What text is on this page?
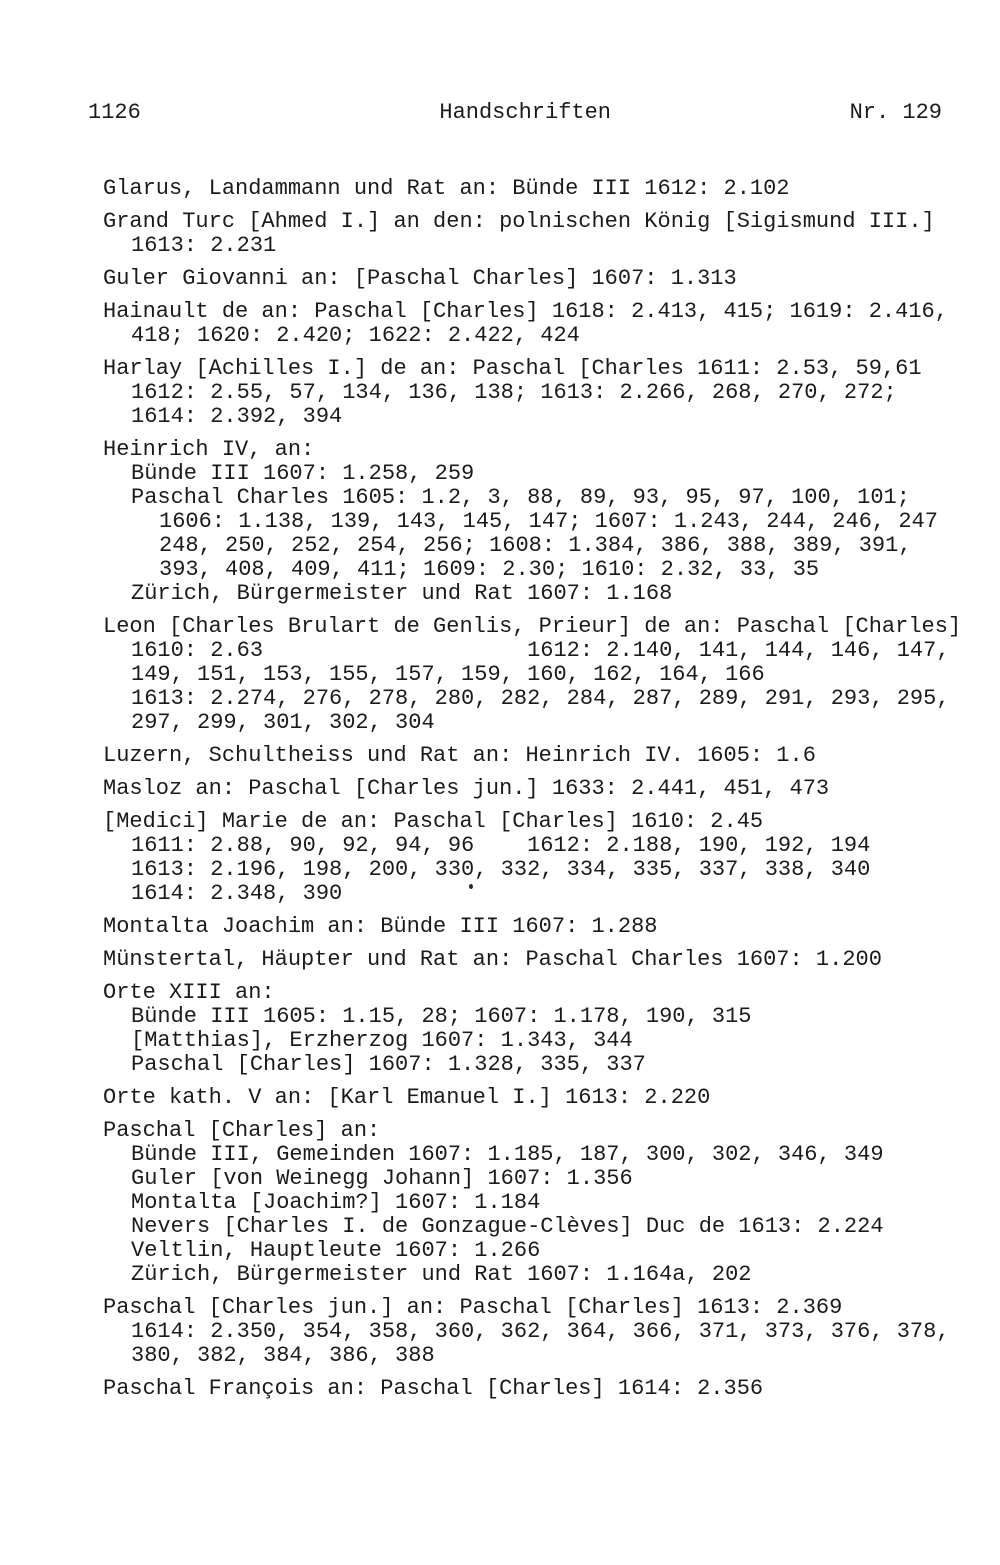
1126	Handschriften	Nr. 129
Glarus, Landammann und Rat an: Bünde III 1612: 2.102
Grand Turc [Ahmed I.] an den: polnischen König [Sigismund III.]
1613: 2.231
Guler Giovanni an: [Paschal Charles] 1607: 1.313
Hainault de an: Paschal [Charles] 1618: 2.413, 415; 1619: 2.416,
418; 1620: 2.420; 1622: 2.422, 424
Harlay [Achilles I.] de an: Paschal [Charles 1611: 2.53, 59,61
1612: 2.55, 57, 134, 136, 138; 1613: 2.266, 268, 270, 272;
1614: 2.392, 394
Heinrich IV, an:
Bünde III 1607: 1.258, 259
Paschal Charles 1605: 1.2, 3, 88, 89, 93, 95, 97, 100, 101;
1606: 1.138, 139, 143, 145, 147; 1607: 1.243, 244, 246, 247
248, 250, 252, 254, 256; 1608: 1.384, 386, 388, 389, 391,
393, 408, 409, 411; 1609: 2.30; 1610: 2.32, 33, 35
Zürich, Bürgermeister und Rat 1607: 1.168
Leon [Charles Brulart de Genlis, Prieur] de an: Paschal [Charles]
1610: 2.63                    1612: 2.140, 141, 144, 146, 147,
149, 151, 153, 155, 157, 159, 160, 162, 164, 166
1613: 2.274, 276, 278, 280, 282, 284, 287, 289, 291, 293, 295,
297, 299, 301, 302, 304
Luzern, Schultheiss und Rat an: Heinrich IV. 1605: 1.6
Masloz an: Paschal [Charles jun.] 1633: 2.441, 451, 473
[Medici] Marie de an: Paschal [Charles] 1610: 2.45
1611: 2.88, 90, 92, 94, 96    1612: 2.188, 190, 192, 194
1613: 2.196, 198, 200, 330, 332, 334, 335, 337, 338, 340
1614: 2.348, 390
Montalta Joachim an: Bünde III 1607: 1.288
Münstertal, Häupter und Rat an: Paschal Charles 1607: 1.200
Orte XIII an:
Bünde III 1605: 1.15, 28; 1607: 1.178, 190, 315
[Matthias], Erzherzog 1607: 1.343, 344
Paschal [Charles] 1607: 1.328, 335, 337
Orte kath. V an: [Karl Emanuel I.] 1613: 2.220
Paschal [Charles] an:
Bünde III, Gemeinden 1607: 1.185, 187, 300, 302, 346, 349
Guler [von Weinegg Johann] 1607: 1.356
Montalta [Joachim?] 1607: 1.184
Nevers [Charles I. de Gonzague-Clèves] Duc de 1613: 2.224
Veltlin, Hauptleute 1607: 1.266
Zürich, Bürgermeister und Rat 1607: 1.164a, 202
Paschal [Charles jun.] an: Paschal [Charles] 1613: 2.369
1614: 2.350, 354, 358, 360, 362, 364, 366, 371, 373, 376, 378,
380, 382, 384, 386, 388
Paschal François an: Paschal [Charles] 1614: 2.356
